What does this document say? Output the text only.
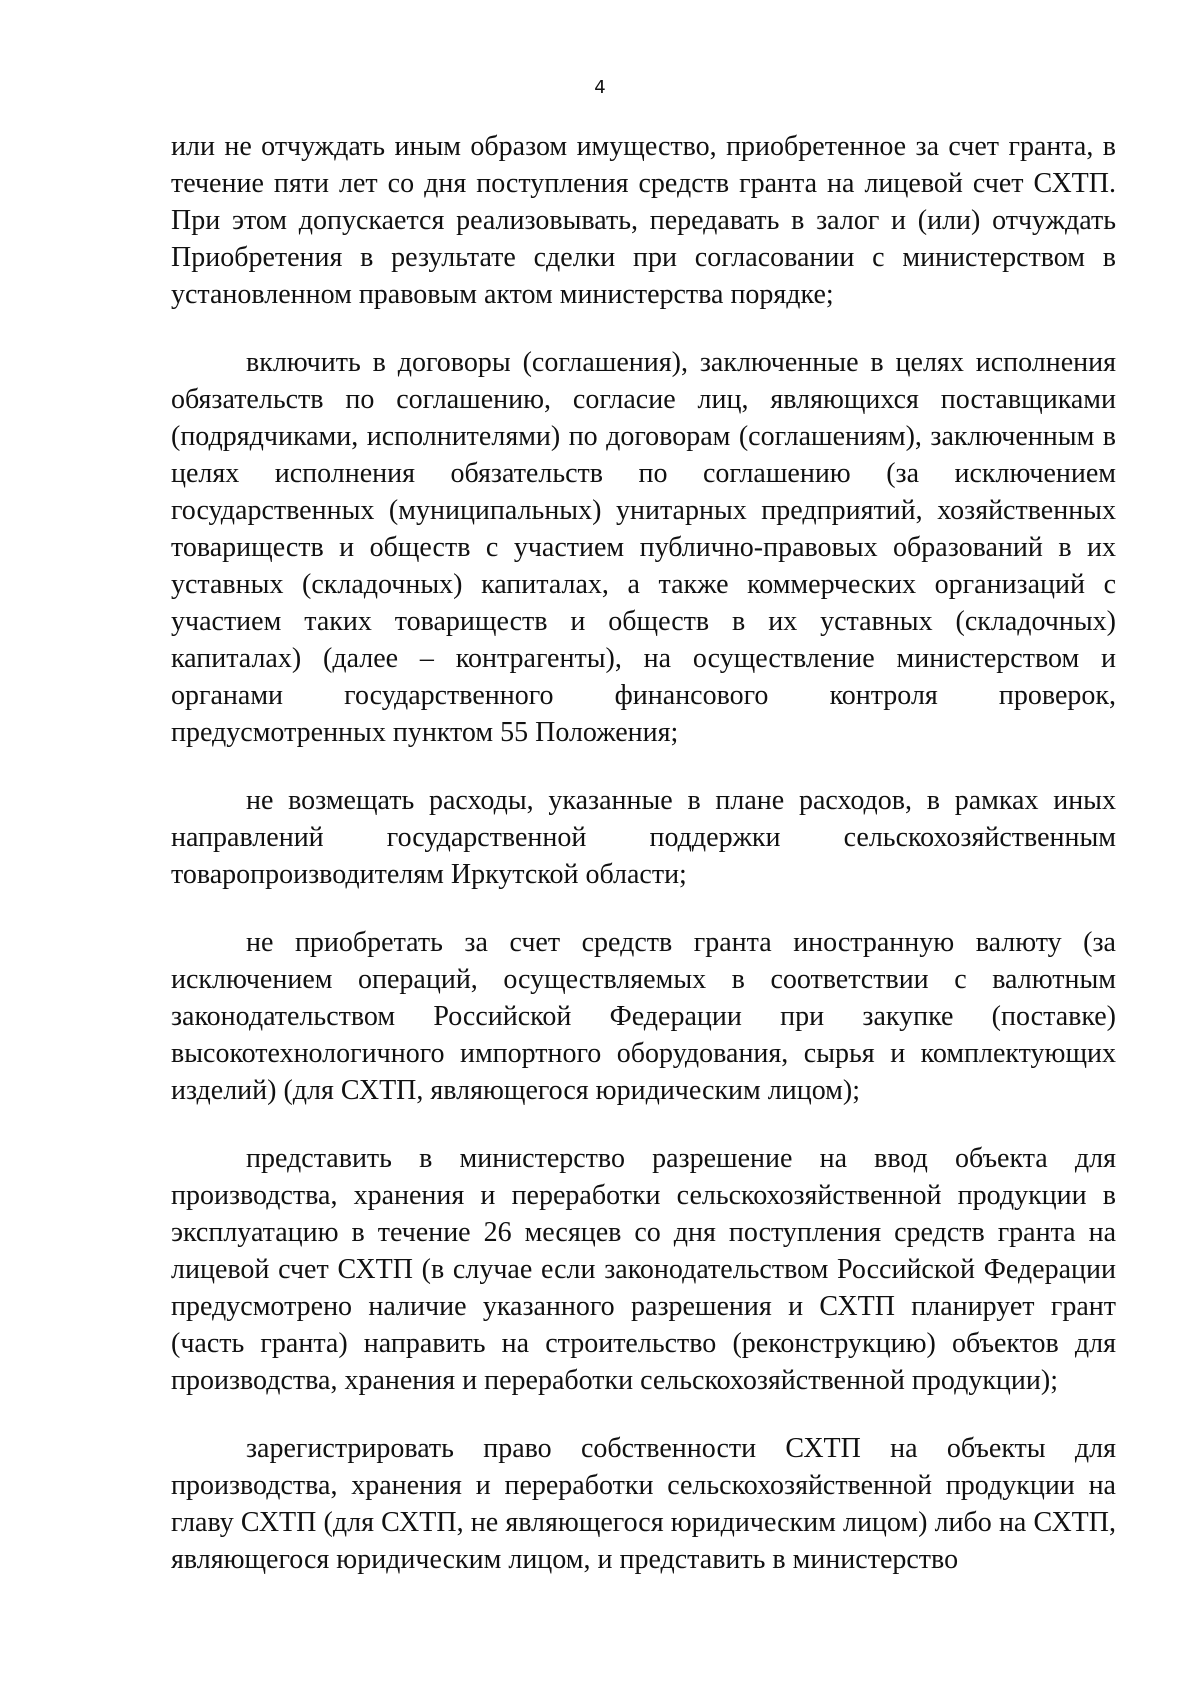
4

или не отчуждать иным образом имущество, приобретенное за счет гранта, в течение пяти лет со дня поступления средств гранта на лицевой счет СХТП. При этом допускается реализовывать, передавать в залог и (или) отчуждать Приобретения в результате сделки при согласовании с министерством в установленном правовым актом министерства порядке;

включить в договоры (соглашения), заключенные в целях исполнения обязательств по соглашению, согласие лиц, являющихся поставщиками (подрядчиками, исполнителями) по договорам (соглашениям), заключенным в целях исполнения обязательств по соглашению (за исключением государственных (муниципальных) унитарных предприятий, хозяйственных товариществ и обществ с участием публично-правовых образований в их уставных (складочных) капиталах, а также коммерческих организаций с участием таких товариществ и обществ в их уставных (складочных) капиталах) (далее – контрагенты), на осуществление министерством и органами государственного финансового контроля проверок, предусмотренных пунктом 55 Положения;

не возмещать расходы, указанные в плане расходов, в рамках иных направлений государственной поддержки сельскохозяйственным товаропроизводителям Иркутской области;

не приобретать за счет средств гранта иностранную валюту (за исключением операций, осуществляемых в соответствии с валютным законодательством Российской Федерации при закупке (поставке) высокотехнологичного импортного оборудования, сырья и комплектующих изделий) (для СХТП, являющегося юридическим лицом);

представить в министерство разрешение на ввод объекта для производства, хранения и переработки сельскохозяйственной продукции в эксплуатацию в течение 26 месяцев со дня поступления средств гранта на лицевой счет СХТП (в случае если законодательством Российской Федерации предусмотрено наличие указанного разрешения и СХТП планирует грант (часть гранта) направить на строительство (реконструкцию) объектов для производства, хранения и переработки сельскохозяйственной продукции);

зарегистрировать право собственности СХТП на объекты для производства, хранения и переработки сельскохозяйственной продукции на главу СХТП (для СХТП, не являющегося юридическим лицом) либо на СХТП, являющегося юридическим лицом, и представить в министерство
